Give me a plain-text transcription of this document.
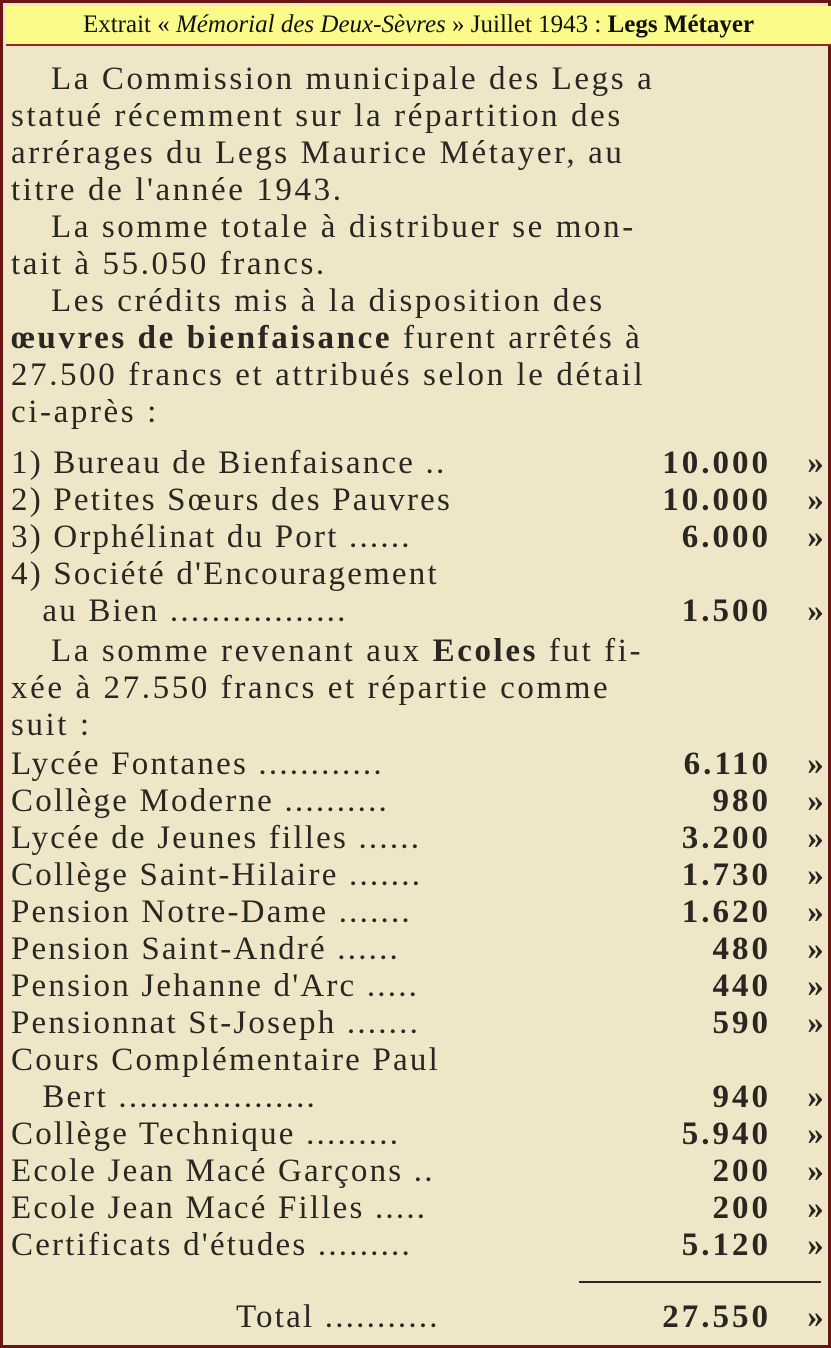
Extrait «
Mémorial des Deux-Sèvres
» Juillet 1943 :
Legs Métayer
La Commission municipale des Legs a
statué récemment sur la répartition des
arrérages du Legs Maurice Métayer, au
titre de l'année 1943.
La somme totale à distribuer se mon-
tait à 55.050 francs.
Les crédits mis à la disposition des
œuvres de bienfaisance furent arrêtés à
27.500 francs et attribués selon le détail
ci-après :
1) Bureau de Bienfaisance ..	10.000 »
2) Petites Sœurs des Pauvres	10.000 »
3) Orphélinat du Port ......	6.000 »
4) Société d'Encouragement
au Bien .................	1.500 »
La somme revenant aux Ecoles fut fi-
xée à 27.550 francs et répartie comme
suit :
Lycée Fontanes ............	6.110 »
Collège Moderne ..........	980 »
Lycée de Jeunes filles ......	3.200 »
Collège Saint-Hilaire .......	1.730 »
Pension Notre-Dame .......	1.620 »
Pension Saint-André ......	480 »
Pension Jehanne d'Arc .....	440 »
Pensionnat St-Joseph .......	590 »
Cours Complémentaire Paul
Bert ...................	940 »
Collège Technique .........	5.940 »
Ecole Jean Macé Garçons ..	200 »
Ecole Jean Macé Filles .....	200 »
Certificats d'études .........	5.120 »
Total ...........	27.550 »
